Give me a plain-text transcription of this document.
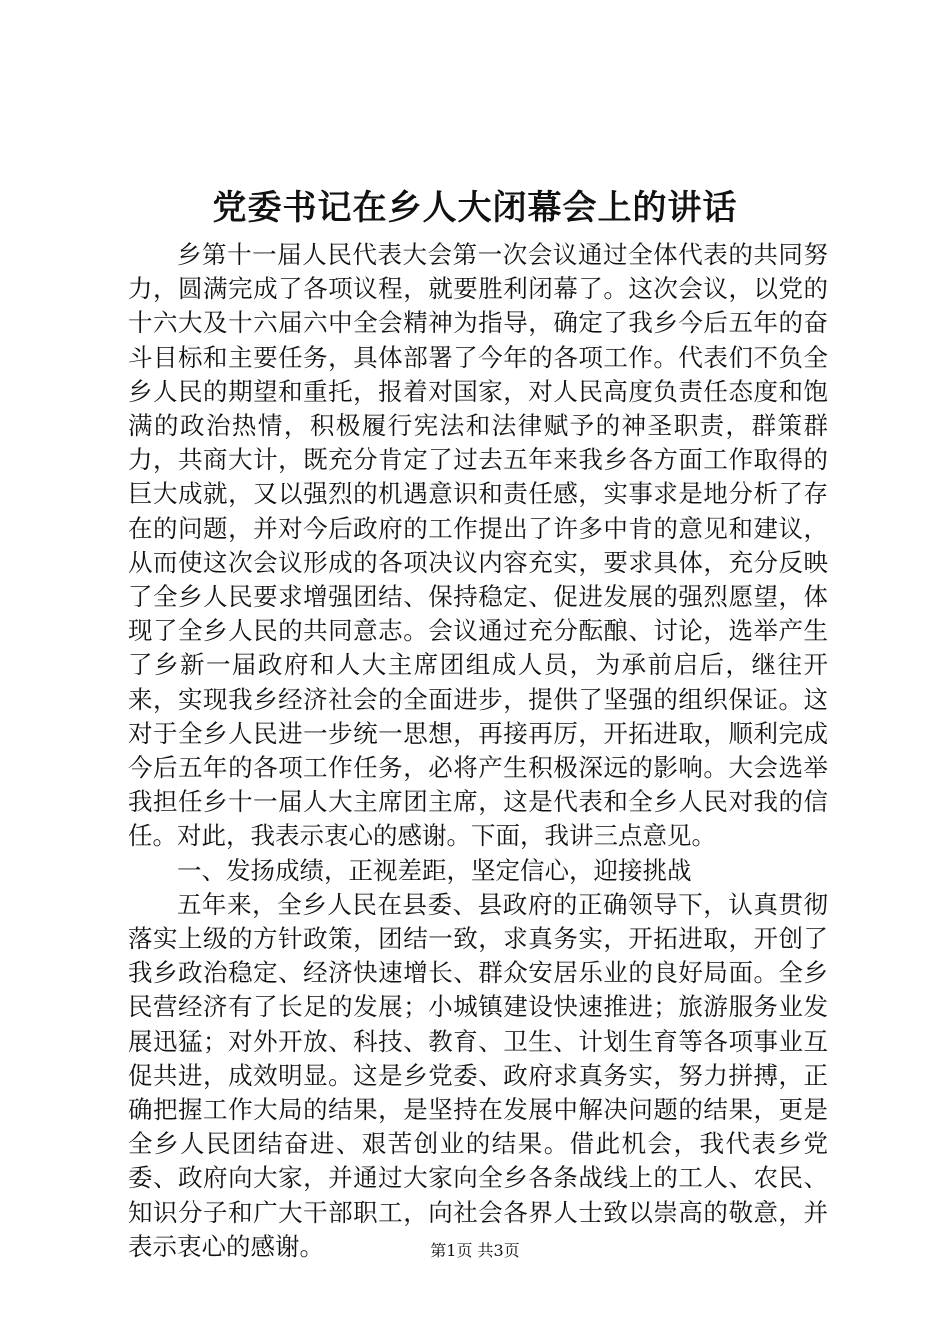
党委书记在乡人大闭幕会上的讲话

乡第十一届人民代表大会第一次会议通过全体代表的共同努力，圆满完成了各项议程，就要胜利闭幕了。这次会议，以党的十六大及十六届六中全会精神为指导，确定了我乡今后五年的奋斗目标和主要任务，具体部署了今年的各项工作。代表们不负全乡人民的期望和重托，报着对国家，对人民高度负责任态度和饱满的政治热情，积极履行宪法和法律赋予的神圣职责，群策群力，共商大计，既充分肯定了过去五年来我乡各方面工作取得的巨大成就，又以强烈的机遇意识和责任感，实事求是地分析了存在的问题，并对今后政府的工作提出了许多中肯的意见和建议，从而使这次会议形成的各项决议内容充实，要求具体，充分反映了全乡人民要求增强团结、保持稳定、促进发展的强烈愿望，体现了全乡人民的共同意志。会议通过充分酝酿、讨论，选举产生了乡新一届政府和人大主席团组成人员，为承前启后，继往开来，实现我乡经济社会的全面进步，提供了坚强的组织保证。这对于全乡人民进一步统一思想，再接再厉，开拓进取，顺利完成今后五年的各项工作任务，必将产生积极深远的影响。大会选举我担任乡十一届人大主席团主席，这是代表和全乡人民对我的信任。对此，我表示衷心的感谢。下面，我讲三点意见。

一、发扬成绩，正视差距，坚定信心，迎接挑战

五年来，全乡人民在县委、县政府的正确领导下，认真贯彻落实上级的方针政策，团结一致，求真务实，开拓进取，开创了我乡政治稳定、经济快速增长、群众安居乐业的良好局面。全乡民营经济有了长足的发展；小城镇建设快速推进；旅游服务业发展迅猛；对外开放、科技、教育、卫生、计划生育等各项事业互促共进，成效明显。这是乡党委、政府求真务实，努力拼搏，正确把握工作大局的结果，是坚持在发展中解决问题的结果，更是全乡人民团结奋进、艰苦创业的结果。借此机会，我代表乡党委、政府向大家，并通过大家向全乡各条战线上的工人、农民、知识分子和广大干部职工，向社会各界人士致以崇高的敬意，并表示衷心的感谢。	第1页 共3页
